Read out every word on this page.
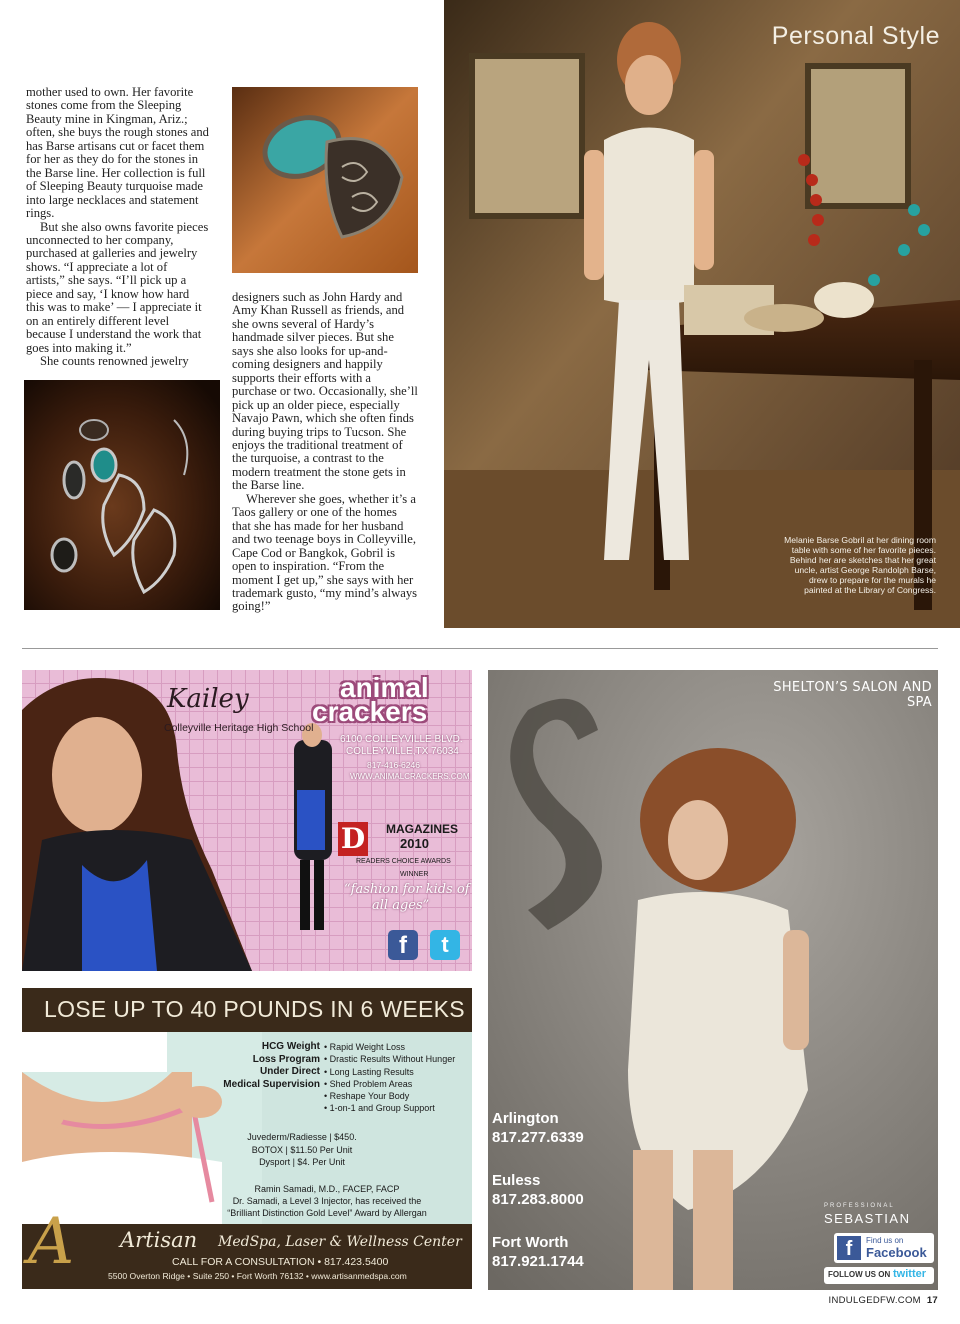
mother used to own. Her favorite stones come from the Sleeping Beauty mine in Kingman, Ariz.; often, she buys the rough stones and has Barse artisans cut or facet them for her as they do for the stones in the Barse line. Her collection is full of Sleeping Beauty turquoise made into large necklaces and statement rings.

But she also owns favorite pieces unconnected to her company, purchased at galleries and jewelry shows. “I appreciate a lot of artists,” she says. “I’ll pick up a piece and say, ‘I know how hard this was to make’ — I appreciate it on an entirely different level because I understand the work that goes into making it.”

She counts renowned jewelry

designers such as John Hardy and Amy Khan Russell as friends, and she owns several of Hardy’s handmade silver pieces. But she says she also looks for up-and-coming designers and happily supports their efforts with a purchase or two. Occasionally, she’ll pick up an older piece, especially Navajo Pawn, which she often finds during buying trips to Tucson. She enjoys the traditional treatment of the turquoise, a contrast to the modern treatment the stone gets in the Barse line.

Wherever she goes, whether it’s a Taos gallery or one of the homes that she has made for her husband and two teenage boys in Colleyville, Cape Cod or Bangkok, Gobril is open to inspiration. “From the moment I get up,” she says with her trademark gusto, “my mind’s always going!”

Personal Style
Melanie Barse Gobril at her dining room table with some of her favorite pieces. Behind her are sketches that her great uncle, artist George Randolph Barse, drew to prepare for the murals he painted at the Library of Congress.
Kailey
Colleyville Heritage High School
animal
crackers
6100 COLLEYVILLE BLVD.
COLLEYVILLE,TX 76034
817-416-6246
WWW.ANIMALCRACKERS.COM
D MAGAZINES
2010
READERS CHOICE AWARDS
WINNER
“fashion for kids of
all ages”
f	t
LOSE UP TO 40 POUNDS IN 6 WEEKS
HCG Weight
Loss Program
Under Direct
Medical Supervision
• Rapid Weight Loss
• Drastic Results Without Hunger
• Long Lasting Results
• Shed Problem Areas
• Reshape Your Body
• 1-on-1 and Group Support
Juvederm/Radiesse | $450.
BOTOX | $11.50 Per Unit
Dysport | $4. Per Unit
Ramin Samadi, M.D., FACEP, FACP
Dr. Samadi, a Level 3 Injector, has received the
“Brilliant Distinction Gold Level” Award by Allergan
A Artisan MedSpa, Laser & Wellness Center
CALL FOR A CONSULTATION • 817.423.5400
5500 Overton Ridge • Suite 250 • Fort Worth 76132 • www.artisanmedspa.com
SHELTON’S SALON AND SPA
Arlington
817.277.6339
Euless
817.283.8000
Fort Worth
817.921.1744
PROFESSIONAL
SEBASTIAN
f	Find us on
Facebook
FOLLOW US ON twitter
INDULGEDFW.COM 17
